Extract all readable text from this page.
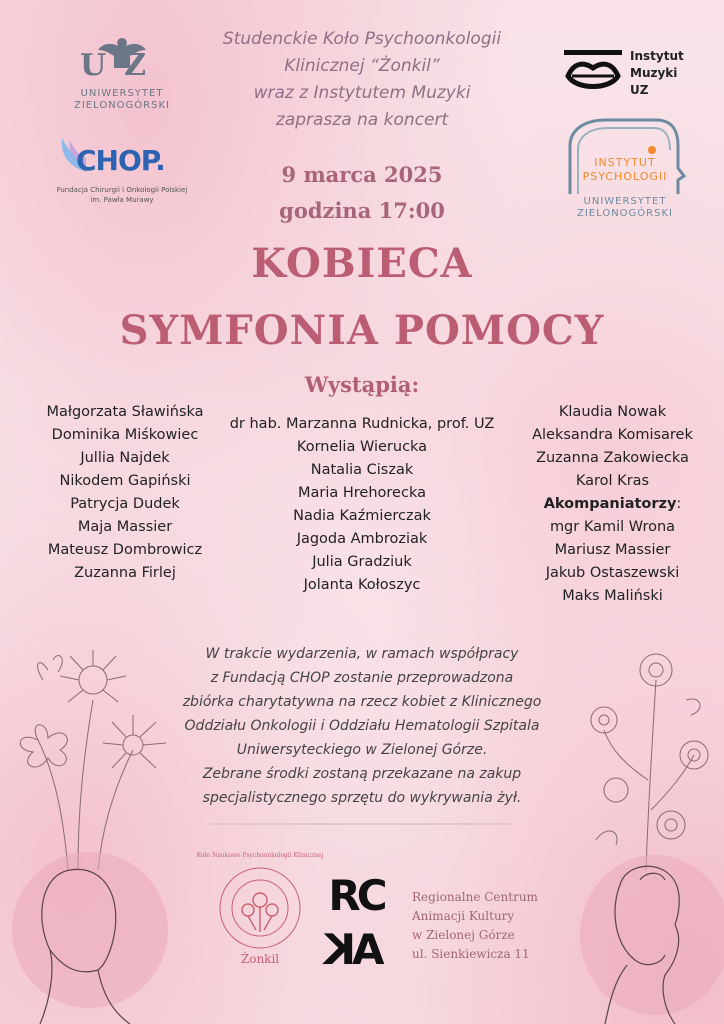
UZ
UNIWERSYTET
ZIELONOGÓRSKI
CHOP.
Fundacja Chirurgii i Onkologii Polskiej
im. Pawła Murawy
Instytut
Muzyki
UZ
INSTYTUT
PSYCHOLOGII
UNIWERSYTET
ZIELONOGÓRSKI
Studenckie Koło Psychoonkologii
Klinicznej “Żonkil”
wraz z Instytutem Muzyki
zaprasza na koncert
9 marca 2025
godzina 17:00
KOBIECA
SYMFONIA POMOCY
Wystąpią:
Małgorzata Sławińska
Dominika Miśkowiec
Jullia Najdek
Nikodem Gapiński
Patrycja Dudek
Maja Massier
Mateusz Dombrowicz
Zuzanna Firlej
dr hab. Marzanna Rudnicka, prof. UZ
Kornelia Wierucka
Natalia Ciszak
Maria Hrehorecka
Nadia Kaźmierczak
Jagoda Ambroziak
Julia Gradziuk
Jolanta Kołoszyc
Klaudia Nowak
Aleksandra Komisarek
Zuzanna Zakowiecka
Karol Kras
Akompaniatorzy:
mgr Kamil Wrona
Mariusz Massier
Jakub Ostaszewski
Maks Maliński
W trakcie wydarzenia, w ramach współpracy
z Fundacją CHOP zostanie przeprowadzona
zbiórka charytatywna na rzecz kobiet z Klinicznego
Oddziału Onkologii i Oddziału Hematologii Szpitala
Uniwersyteckiego w Zielonej Górze.
Zebrane środki zostaną przekazane na zakup
specjalistycznego sprzętu do wykrywania żył.
Koło Naukowe Psychoonkologii Klinicznej
Żonkil
RC
AK
Regionalne Centrum
Animacji Kultury
w Zielonej Górze
ul. Sienkiewicza 11
